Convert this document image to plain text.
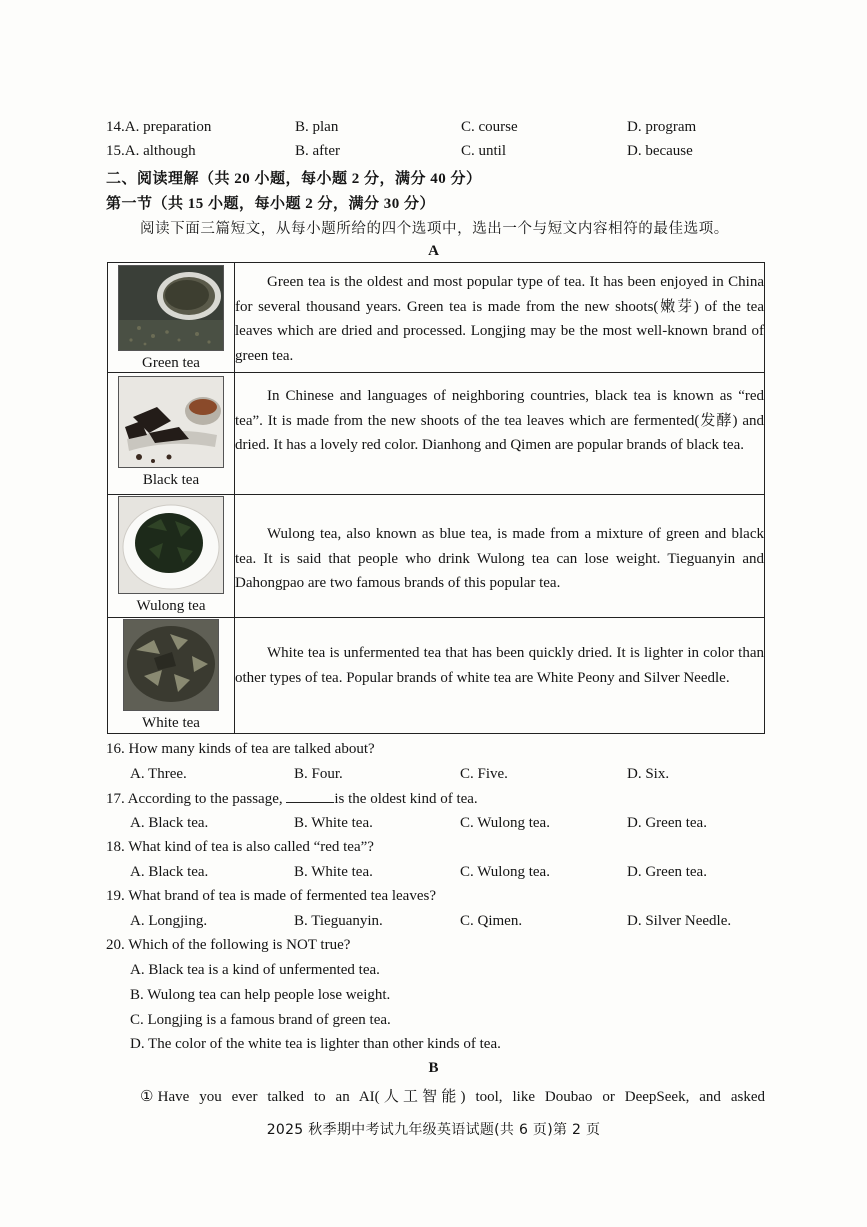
14.A. preparation	B. plan	C. course	D. program
15.A. although	B. after	C. until	D. because
二、阅读理解（共 20 小题，每小题 2 分，满分 40 分）
第一节（共 15 小题，每小题 2 分，满分 30 分）
阅读下面三篇短文，从每小题所给的四个选项中，选出一个与短文内容相符的最佳选项。
A
Green tea	Green tea is the oldest and most popular type of tea. It has been enjoyed in China for several thousand years. Green tea is made from the new shoots(嫩芽) of the tea leaves which are dried and processed. Longjing may be the most well-known brand of green tea.

Black tea	In Chinese and languages of neighboring countries, black tea is known as “red tea”. It is made from the new shoots of the tea leaves which are fermented(发酵) and dried. It has a lovely red color. Dianhong and Qimen are popular brands of black tea.

Wulong tea	Wulong tea, also known as blue tea, is made from a mixture of green and black tea. It is said that people who drink Wulong tea can lose weight. Tieguanyin and Dahongpao are two famous brands of this popular tea.

White tea	White tea is unfermented tea that has been quickly dried. It is lighter in color than other types of tea. Popular brands of white tea are White Peony and Silver Needle.

16. How many kinds of tea are talked about?
A. Three.	B. Four.	C. Five.	D. Six.
17. According to the passage,	is the oldest kind of tea.
A. Black tea.	B. White tea.	C. Wulong tea.	D. Green tea.
18. What kind of tea is also called “red tea”?
A. Black tea.	B. White tea.	C. Wulong tea.	D. Green tea.
19. What brand of tea is made of fermented tea leaves?
A. Longjing.	B. Tieguanyin.	C. Qimen.	D. Silver Needle.
20. Which of the following is NOT true?
A. Black tea is a kind of unfermented tea.
B. Wulong tea can help people lose weight.
C. Longjing is a famous brand of green tea.
D. The color of the white tea is lighter than other kinds of tea.
B
①Have you ever talked to an AI(人工智能) tool, like Doubao or DeepSeek, and asked
2025 秋季期中考试九年级英语试题(共 6 页)第 2 页
